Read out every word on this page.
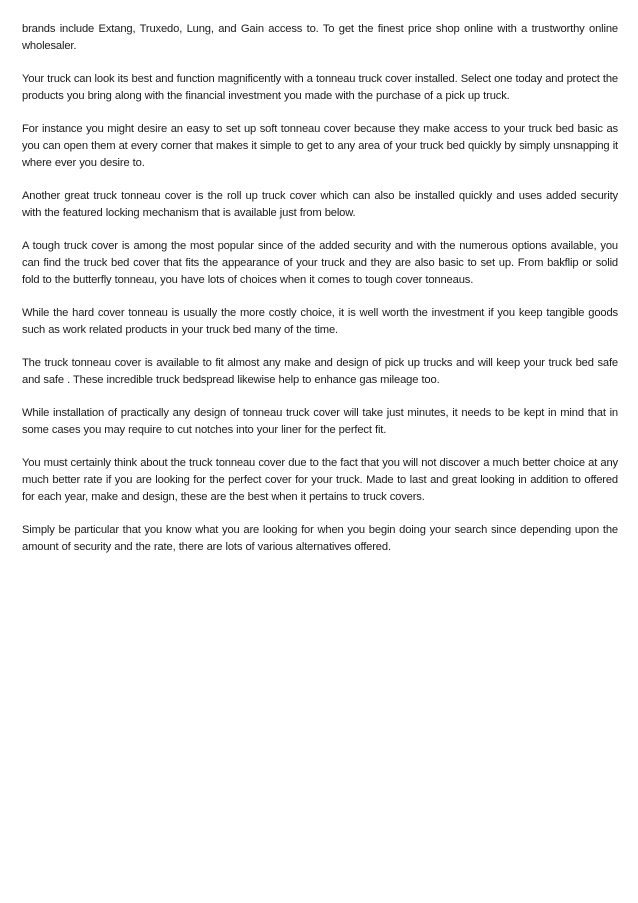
brands include Extang, Truxedo, Lung, and Gain access to. To get the finest price shop online with a trustworthy online wholesaler.

Your truck can look its best and function magnificently with a tonneau truck cover installed. Select one today and protect the products you bring along with the financial investment you made with the purchase of a pick up truck.

For instance you might desire an easy to set up soft tonneau cover because they make access to your truck bed basic as you can open them at every corner that makes it simple to get to any area of your truck bed quickly by simply unsnapping it where ever you desire to.

Another great truck tonneau cover is the roll up truck cover which can also be installed quickly and uses added security with the featured locking mechanism that is available just from below.

A tough truck cover is among the most popular since of the added security and with the numerous options available, you can find the truck bed cover that fits the appearance of your truck and they are also basic to set up. From bakflip or solid fold to the butterfly tonneau, you have lots of choices when it comes to tough cover tonneaus.

While the hard cover tonneau is usually the more costly choice, it is well worth the investment if you keep tangible goods such as work related products in your truck bed many of the time.

The truck tonneau cover is available to fit almost any make and design of pick up trucks and will keep your truck bed safe and safe . These incredible truck bedspread likewise help to enhance gas mileage too.

While installation of practically any design of tonneau truck cover will take just minutes, it needs to be kept in mind that in some cases you may require to cut notches into your liner for the perfect fit.

You must certainly think about the truck tonneau cover due to the fact that you will not discover a much better choice at any much better rate if you are looking for the perfect cover for your truck. Made to last and great looking in addition to offered for each year, make and design, these are the best when it pertains to truck covers.

Simply be particular that you know what you are looking for when you begin doing your search since depending upon the amount of security and the rate, there are lots of various alternatives offered.
